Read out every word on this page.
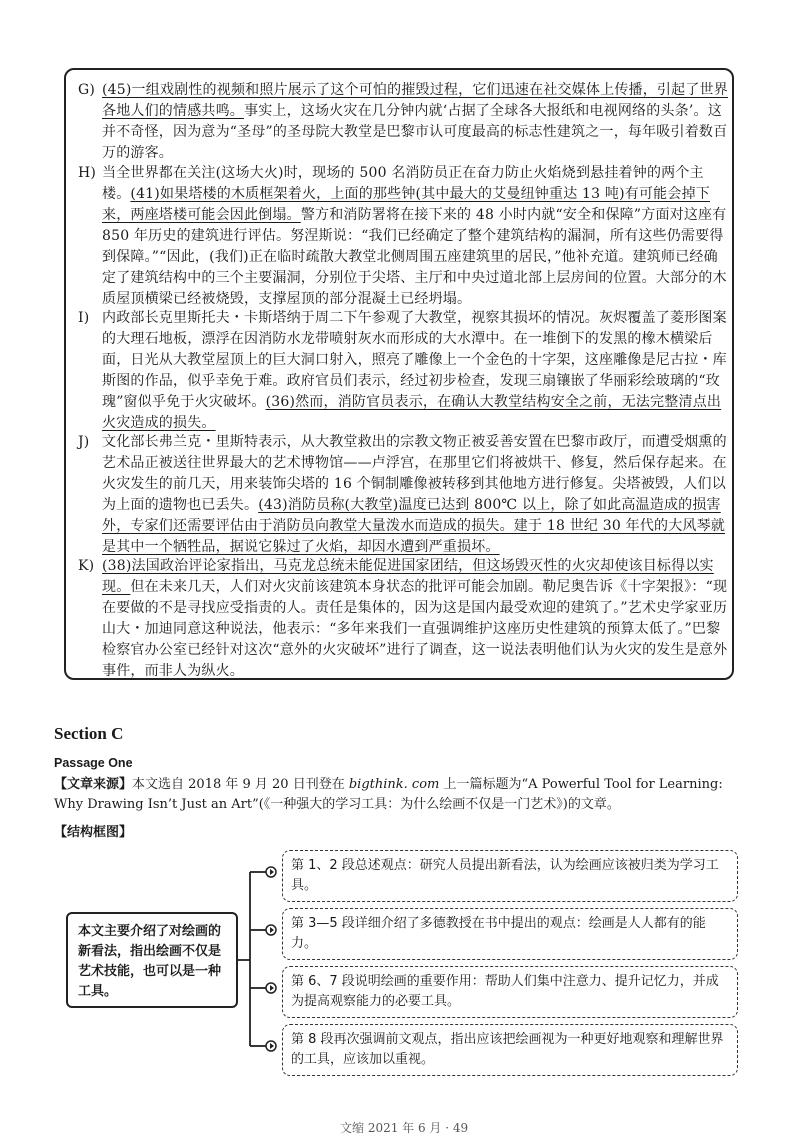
G) (45)一组戏剧性的视频和照片展示了这个可怕的摧毁过程，它们迅速在社交媒体上传播，引起了世界各地人们的情感共鸣。事实上，这场火灾在几分钟内就‘占据了全球各大报纸和电视网络的头条’。这并不奇怪，因为意为“圣母”的圣母院大教堂是巴黎市认可度最高的标志性建筑之一，每年吸引着数百万的游客。
H) 当全世界都在关注(这场大火)时，现场的 500 名消防员正在奋力防止火焰烧到悬挂着钟的两个主楼。(41)如果塔楼的木质框架着火，上面的那些钟(其中最大的艾曼纽钟重达 13 吨)有可能会掉下来，两座塔楼可能会因此倒塌。警方和消防署将在接下来的 48 小时内就“安全和保障”方面对这座有 850 年历史的建筑进行评估。努涅斯说：“我们已经确定了整个建筑结构的漏洞，所有这些仍需要得到保障。”“因此，(我们)正在临时疏散大教堂北侧周围五座建筑里的居民，”他补充道。建筑师已经确定了建筑结构中的三个主要漏洞，分别位于尖塔、主厅和中央过道北部上层房间的位置。大部分的木质屋顶横梁已经被烧毁，支撑屋顶的部分混凝土已经坍塌。
I) 内政部长克里斯托夫・卡斯塔纳于周二下午参观了大教堂，视察其损坏的情况。灰烬覆盖了菱形图案的大理石地板，漂浮在因消防水龙带喷射灰水而形成的大水潭中。在一堆倒下的发黑的橡木横梁后面，日光从大教堂屋顶上的巨大洞口射入，照亮了雕像上一个金色的十字架，这座雕像是尼古拉・库斯图的作品，似乎幸免于难。政府官员们表示，经过初步检查，发现三扇镶嵌了华丽彩绘玻璃的“玫瑰”窗似乎免于火灾破坏。(36)然而，消防官员表示，在确认大教堂结构安全之前，无法完整清点出火灾造成的损失。
J) 文化部长弗兰克・里斯特表示，从大教堂救出的宗教文物正被妥善安置在巴黎市政厅，而遭受烟熏的艺术品正被送往世界最大的艺术博物馆——卢浮宫，在那里它们将被烘干、修复，然后保存起来。在火灾发生的前几天，用来装饰尖塔的 16 个铜制雕像被转移到其他地方进行修复。尖塔被毁，人们以为上面的遗物也已丢失。(43)消防员称(大教堂)温度已达到 800℃ 以上，除了如此高温造成的损害外，专家们还需要评估由于消防员向教堂大量泼水而造成的损失。建于 18 世纪 30 年代的大风琴就是其中一个牺牲品，据说它躲过了火焰，却因水遭到严重损坏。
K) (38)法国政治评论家指出，马克龙总统未能促进国家团结，但这场毁灭性的火灾却使该目标得以实现。但在未来几天，人们对火灾前该建筑本身状态的批评可能会加剧。勒尼奥告诉《十字架报》：“现在要做的不是寻找应受指责的人。责任是集体的，因为这是国内最受欢迎的建筑了。”艺术史学家亚历山大・加迪同意这种说法，他表示：“多年来我们一直强调维护这座历史性建筑的预算太低了。”巴黎检察官办公室已经针对这次“意外的火灾破坏”进行了调查，这一说法表明他们认为火灾的发生是意外事件，而非人为纵火。
Section C
Passage One
【文章来源】本文选自 2018 年 9 月 20 日刊登在 bigthink. com 上一篇标题为“A Powerful Tool for Learning: Why Drawing Isn’t Just an Art”(《一种强大的学习工具：为什么绘画不仅是一门艺术》)的文章。
【结构框图】
本文主要介绍了对绘画的新看法，指出绘画不仅是艺术技能，也可以是一种工具。
第 1、2 段总述观点：研究人员提出新看法，认为绘画应该被归类为学习工具。
第 3—5 段详细介绍了多德教授在书中提出的观点：绘画是人人都有的能力。
第 6、7 段说明绘画的重要作用：帮助人们集中注意力、提升记忆力，并成为提高观察能力的必要工具。
第 8 段再次强调前文观点，指出应该把绘画视为一种更好地观察和理解世界的工具，应该加以重视。
文缩 2021 年 6 月 · 49
